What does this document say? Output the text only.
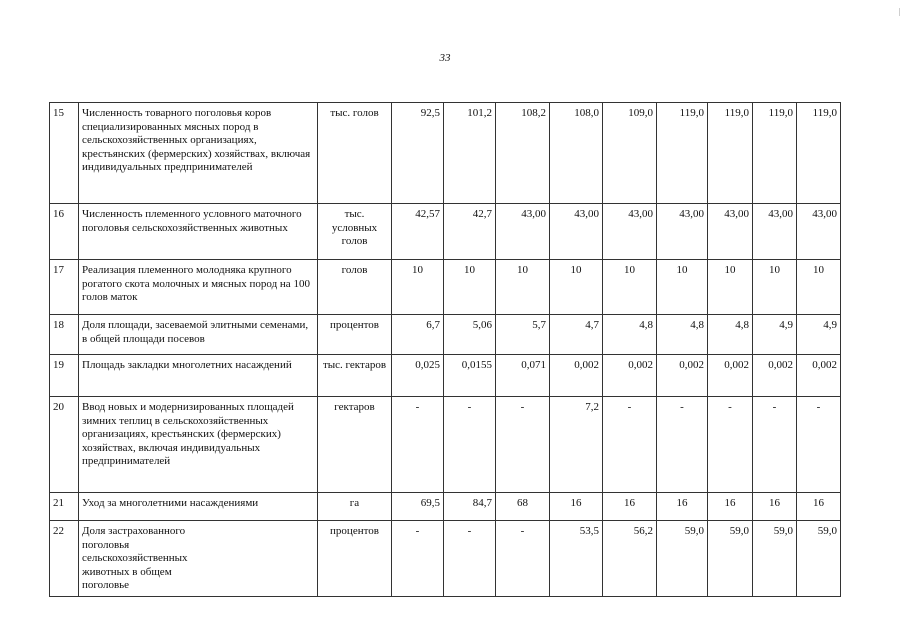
33
15	Численность товарного поголовья коров специализированных мясных пород в сельскохозяйственных организациях, крестьянских (фермерских) хозяйствах, включая индивидуальных предпринимателей	тыс. голов	92,5	101,2	108,2	108,0	109,0	119,0	119,0	119,0	119,0
16	Численность племенного условного маточного поголовья сельскохозяйственных животных	тыс. условных голов	42,57	42,7	43,00	43,00	43,00	43,00	43,00	43,00	43,00
17	Реализация племенного молодняка крупного рогатого скота молочных и мясных пород на 100 голов маток	голов	10	10	10	10	10	10	10	10	10
18	Доля площади, засеваемой элитными семенами, в общей площади посевов	процентов	6,7	5,06	5,7	4,7	4,8	4,8	4,8	4,9	4,9
19	Площадь закладки многолетних насаждений	тыс. гектаров	0,025	0,0155	0,071	0,002	0,002	0,002	0,002	0,002	0,002
20	Ввод новых и модернизированных площадей зимних теплиц в сельскохозяйственных организациях, крестьянских (фермерских) хозяйствах, включая индивидуальных предпринимателей	гектаров	-	-	-	7,2	-	-	-	-	-
21	Уход за многолетними насаждениями	га	69,5	84,7	68	16	16	16	16	16	16
22	Доля застрахованного поголовья сельскохозяйственных животных в общем поголовье	процентов	-	-	-	53,5	56,2	59,0	59,0	59,0	59,0
